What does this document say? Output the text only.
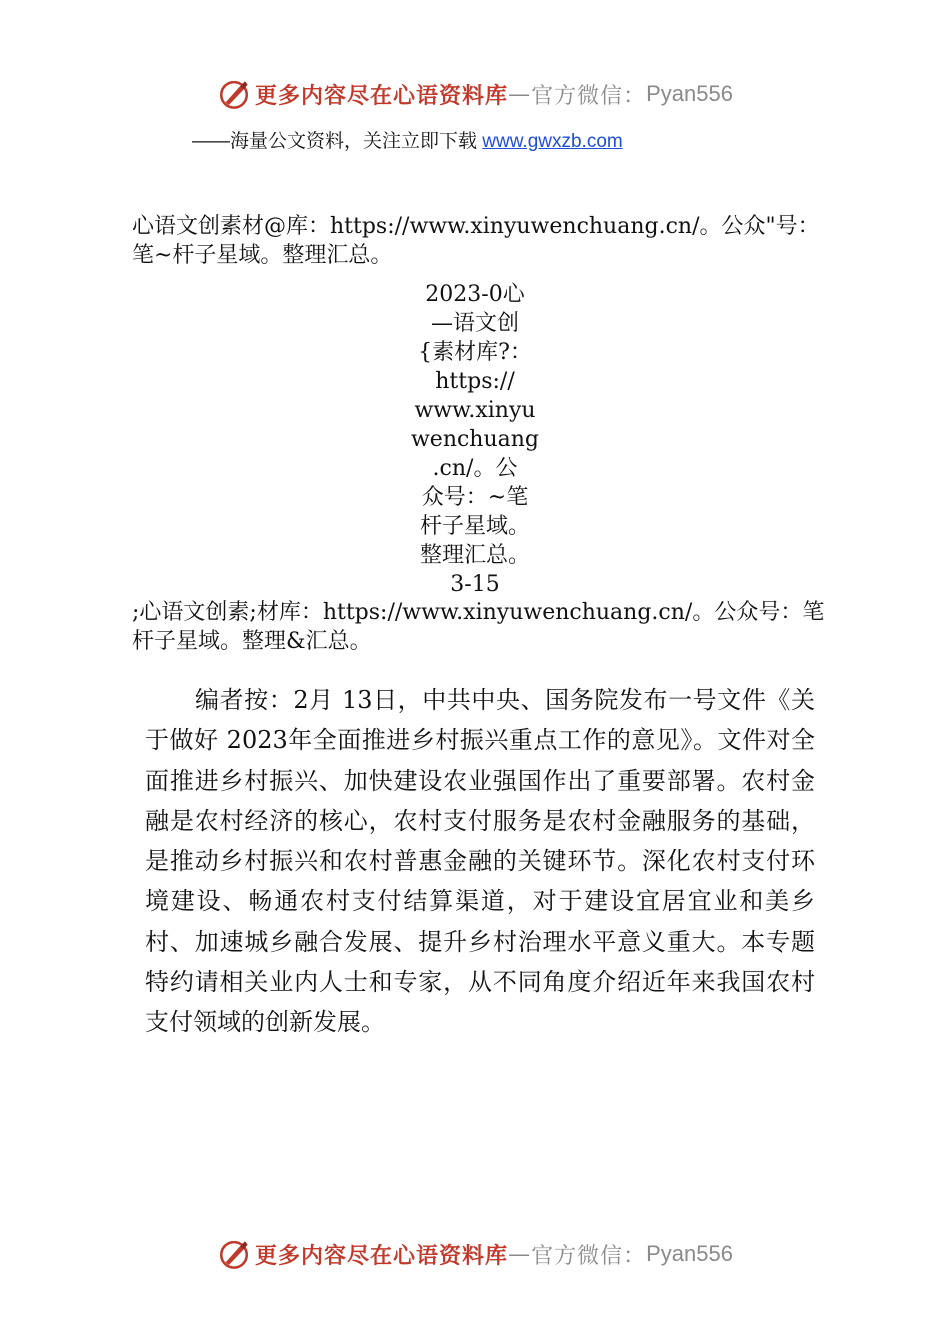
更多内容尽在心语资料库 — 官方微信： Pyan556
——海量公文资料，关注立即下载 www.gwxzb.com

心语文创素材@库：https://www.xinyuwenchuang.cn/。公众"号：笔~杆子星域。整理汇总。

2023-0心
—语文创
{素材库?：
https://
www.xinyu
wenchuang
.cn/。公
众号：~笔
杆子星域。
整理汇总。
3-15

;心语文创素;材库：https://www.xinyuwenchuang.cn/。公众号：笔杆子星域。整理&汇总。

编者按：2月 13日，中共中央、国务院发布一号文件《关于做好 2023年全面推进乡村振兴重点工作的意见》。文件对全面推进乡村振兴、加快建设农业强国作出了重要部署。农村金融是农村经济的核心，农村支付服务是农村金融服务的基础，是推动乡村振兴和农村普惠金融的关键环节。深化农村支付环境建设、畅通农村支付结算渠道，对于建设宜居宜业和美乡村、加速城乡融合发展、提升乡村治理水平意义重大。本专题特约请相关业内人士和专家，从不同角度介绍近年来我国农村支付领域的创新发展。

更多内容尽在心语资料库 — 官方微信： Pyan556
